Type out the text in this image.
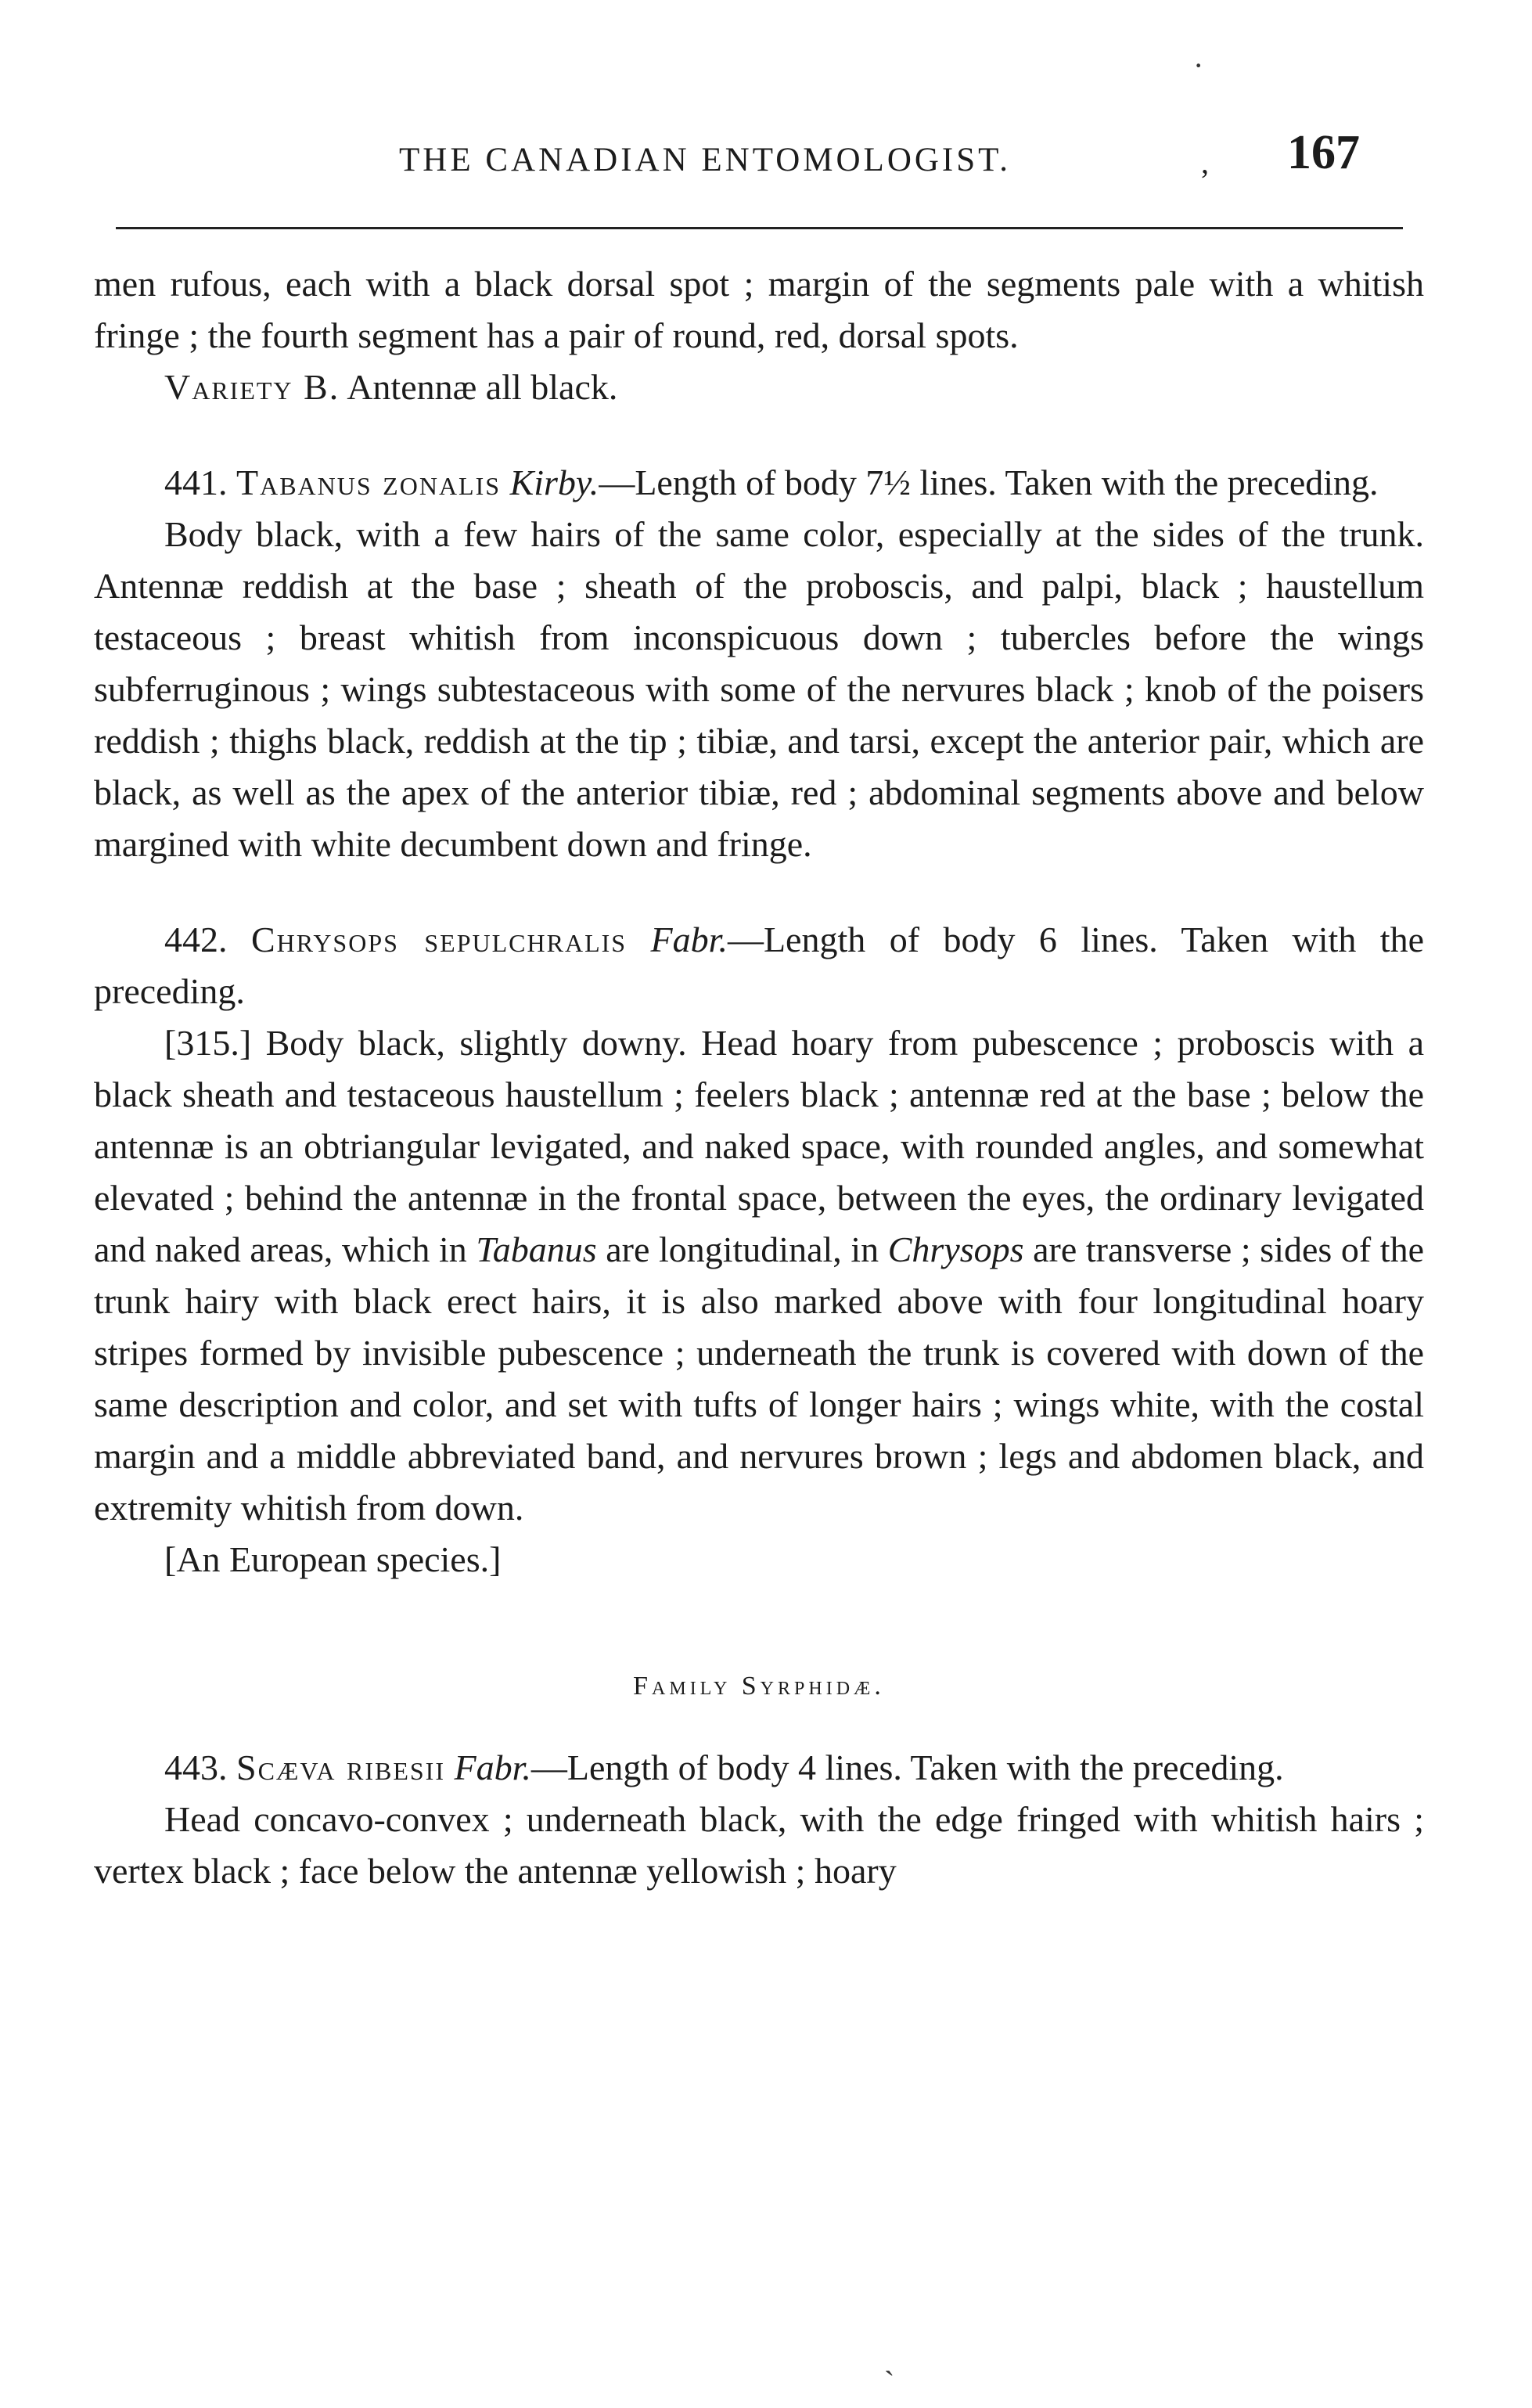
THE CANADIAN ENTOMOLOGIST.	, 167

men rufous, each with a black dorsal spot ; margin of the segments pale with a whitish fringe ; the fourth segment has a pair of round, red, dorsal spots.

Variety B. Antennæ all black.

441. Tabanus zonalis Kirby.—Length of body 7½ lines. Taken with the preceding.

Body black, with a few hairs of the same color, especially at the sides of the trunk. Antennæ reddish at the base ; sheath of the proboscis, and palpi, black ; haustellum testaceous ; breast whitish from inconspicuous down ; tubercles before the wings subferruginous ; wings subtestaceous with some of the nervures black ; knob of the poisers reddish ; thighs black, reddish at the tip ; tibiæ, and tarsi, except the anterior pair, which are black, as well as the apex of the anterior tibiæ, red ; abdominal segments above and below margined with white decumbent down and fringe.

442. Chrysops sepulchralis Fabr.—Length of body 6 lines. Taken with the preceding.

[315.] Body black, slightly downy. Head hoary from pubescence ; proboscis with a black sheath and testaceous haustellum ; feelers black ; antennæ red at the base ; below the antennæ is an obtriangular levigated, and naked space, with rounded angles, and somewhat elevated ; behind the antennæ in the frontal space, between the eyes, the ordinary levigated and naked areas, which in Tabanus are longitudinal, in Chrysops are transverse ; sides of the trunk hairy with black erect hairs, it is also marked above with four longitudinal hoary stripes formed by invisible pubescence ; underneath the trunk is covered with down of the same description and color, and set with tufts of longer hairs ; wings white, with the costal margin and a middle abbreviated band, and nervures brown ; legs and abdomen black, and extremity whitish from down.

[An European species.]

Family Syrphidæ.

443. Scæva ribesii Fabr.—Length of body 4 lines. Taken with the preceding.

Head concavo-convex ; underneath black, with the edge fringed with whitish hairs ; vertex black ; face below the antennæ yellowish ; hoary

·
ˏ
